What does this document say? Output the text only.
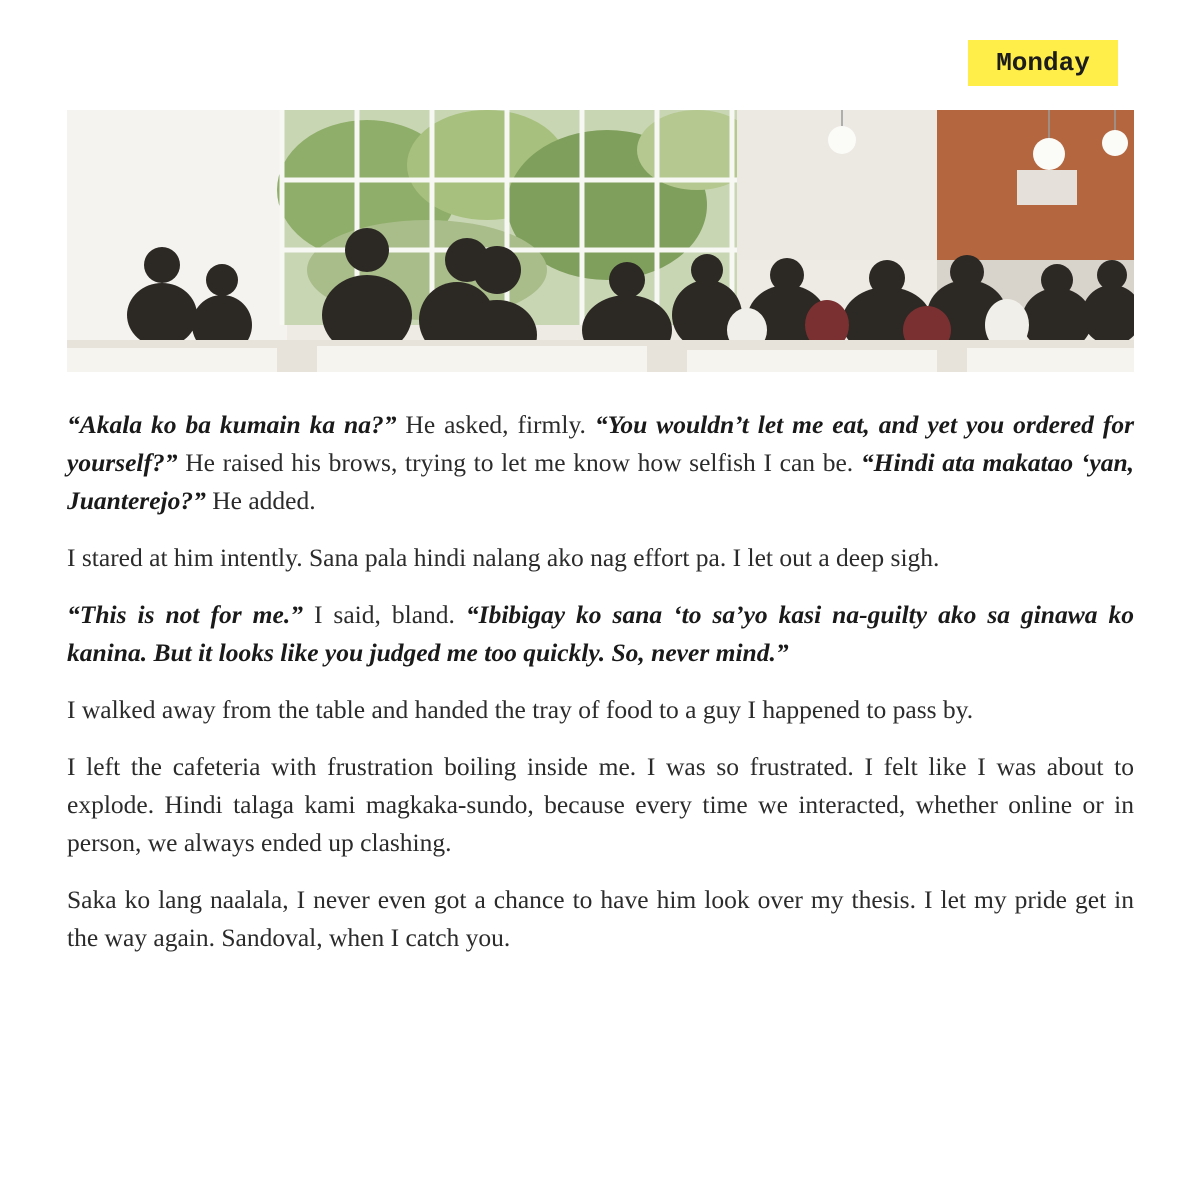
Monday

“Akala ko ba kumain ka na?” He asked, firmly. “You wouldn’t let me eat, and yet you ordered for yourself?” He raised his brows, trying to let me know how selfish I can be. “Hindi ata makatao ‘yan, Juanterejo?” He added.

I stared at him intently. Sana pala hindi nalang ako nag effort pa. I let out a deep sigh.

“This is not for me.” I said, bland. “Ibibigay ko sana ‘to sa’yo kasi na-guilty ako sa ginawa ko kanina. But it looks like you judged me too quickly. So, never mind.”

I walked away from the table and handed the tray of food to a guy I happened to pass by.

I left the cafeteria with frustration boiling inside me. I was so frustrated. I felt like I was about to explode. Hindi talaga kami magkaka-sundo, because every time we interacted, whether online or in person, we always ended up clashing.

Saka ko lang naalala, I never even got a chance to have him look over my thesis. I let my pride get in the way again. Sandoval, when I catch you.
